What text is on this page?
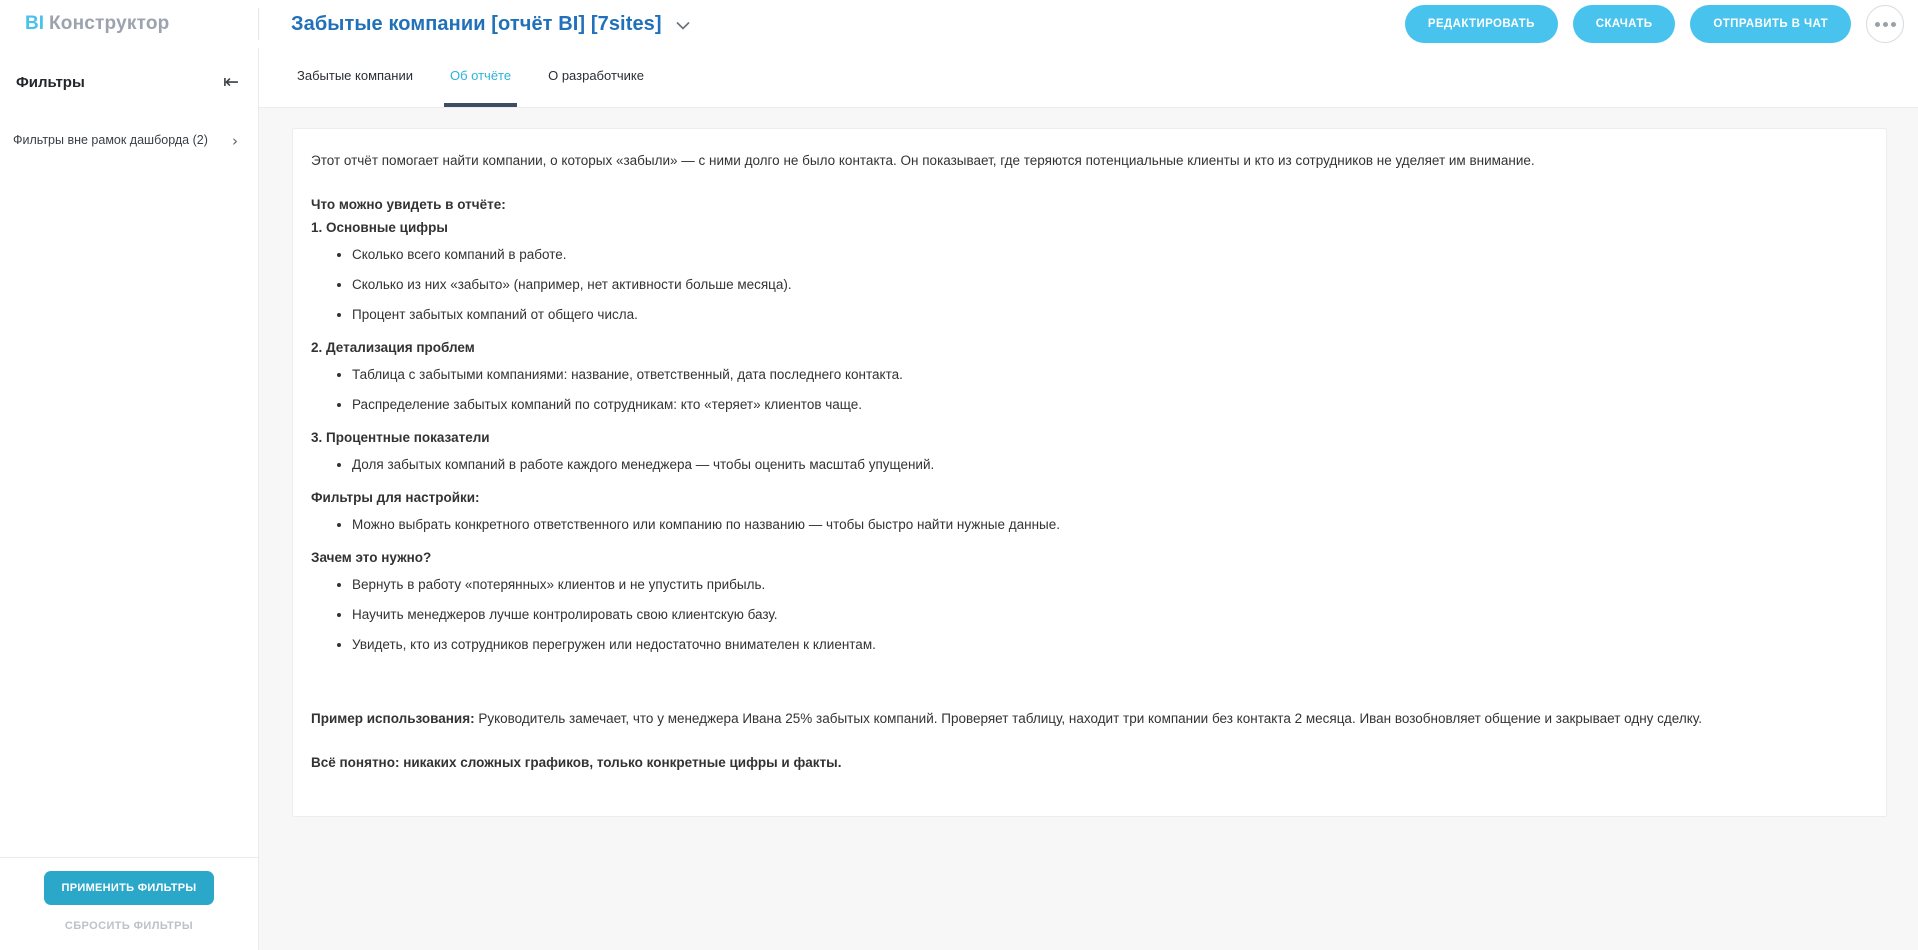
BI Конструктор	Забытые компании [отчёт BI] [7sites]	РЕДАКТИРОВАТЬ	СКАЧАТЬ	ОТПРАВИТЬ В ЧАТ
Фильтры	⇤
Фильтры вне рамок дашборда (2) ›
ПРИМЕНИТЬ ФИЛЬТРЫ
СБРОСИТЬ ФИЛЬТРЫ
Забытые компании	Об отчёте	О разработчике

Этот отчёт помогает найти компании, о которых «забыли» — с ними долго не было контакта. Он показывает, где теряются потенциальные клиенты и кто из сотрудников не уделяет им внимание.

Что можно увидеть в отчёте:

1. Основные цифры

• Сколько всего компаний в работе.
• Сколько из них «забыто» (например, нет активности больше месяца).
• Процент забытых компаний от общего числа.

2. Детализация проблем

• Таблица с забытыми компаниями: название, ответственный, дата последнего контакта.
• Распределение забытых компаний по сотрудникам: кто «теряет» клиентов чаще.

3. Процентные показатели

• Доля забытых компаний в работе каждого менеджера — чтобы оценить масштаб упущений.

Фильтры для настройки:

• Можно выбрать конкретного ответственного или компанию по названию — чтобы быстро найти нужные данные.

Зачем это нужно?

• Вернуть в работу «потерянных» клиентов и не упустить прибыль.
• Научить менеджеров лучше контролировать свою клиентскую базу.
• Увидеть, кто из сотрудников перегружен или недостаточно внимателен к клиентам.

Пример использования: Руководитель замечает, что у менеджера Ивана 25% забытых компаний. Проверяет таблицу, находит три компании без контакта 2 месяца. Иван возобновляет общение и закрывает одну сделку.

Всё понятно: никаких сложных графиков, только конкретные цифры и факты.
